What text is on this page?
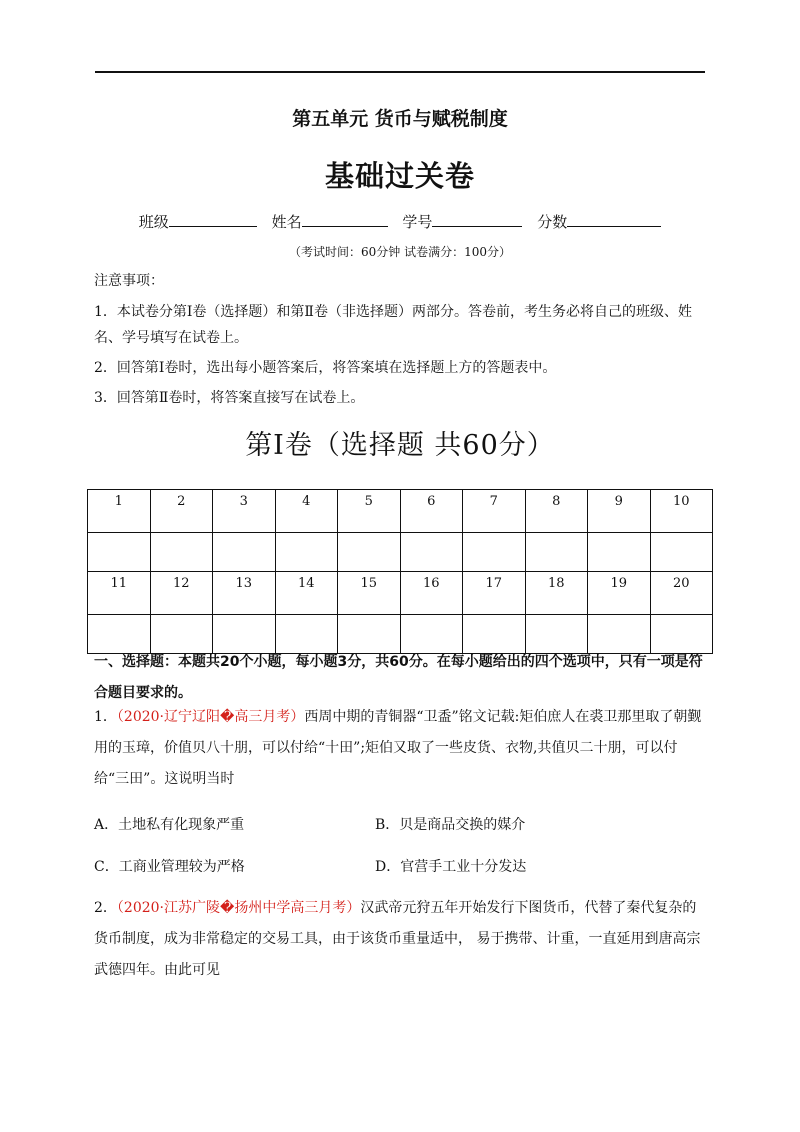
第五单元 货币与赋税制度
基础过关卷
班级	姓名	学号	分数
（考试时间：60分钟 试卷满分：100分）
注意事项：
1．本试卷分第Ⅰ卷（选择题）和第Ⅱ卷（非选择题）两部分。答卷前，考生务必将自己的班级、姓名、学号填写在试卷上。
2．回答第Ⅰ卷时，选出每小题答案后，将答案填在选择题上方的答题表中。
3．回答第Ⅱ卷时，将答案直接写在试卷上。
第Ⅰ卷（选择题 共60分）
1	2	3	4	5	6	7	8	9	10

11	12	13	14	15	16	17	18	19	20

一、选择题：本题共20个小题，每小题3分，共60分。在每小题给出的四个选项中，只有一项是符合题目要求的。
1．（2020·辽宁辽阳�高三月考）西周中期的青铜器“卫盉”铭文记载:矩伯庶人在裘卫那里取了朝觐用的玉璋，价值贝八十朋，可以付给“十田”;矩伯又取了一些皮货、衣物,共值贝二十朋，可以付给“三田”。这说明当时
A．土地私有化现象严重	B．贝是商品交换的媒介
C．工商业管理较为严格	D．官营手工业十分发达
2．（2020·江苏广陵�扬州中学高三月考）汉武帝元狩五年开始发行下图货币，代替了秦代复杂的货币制度，成为非常稳定的交易工具，由于该货币重量适中， 易于携带、计重，一直延用到唐高宗武德四年。由此可见
